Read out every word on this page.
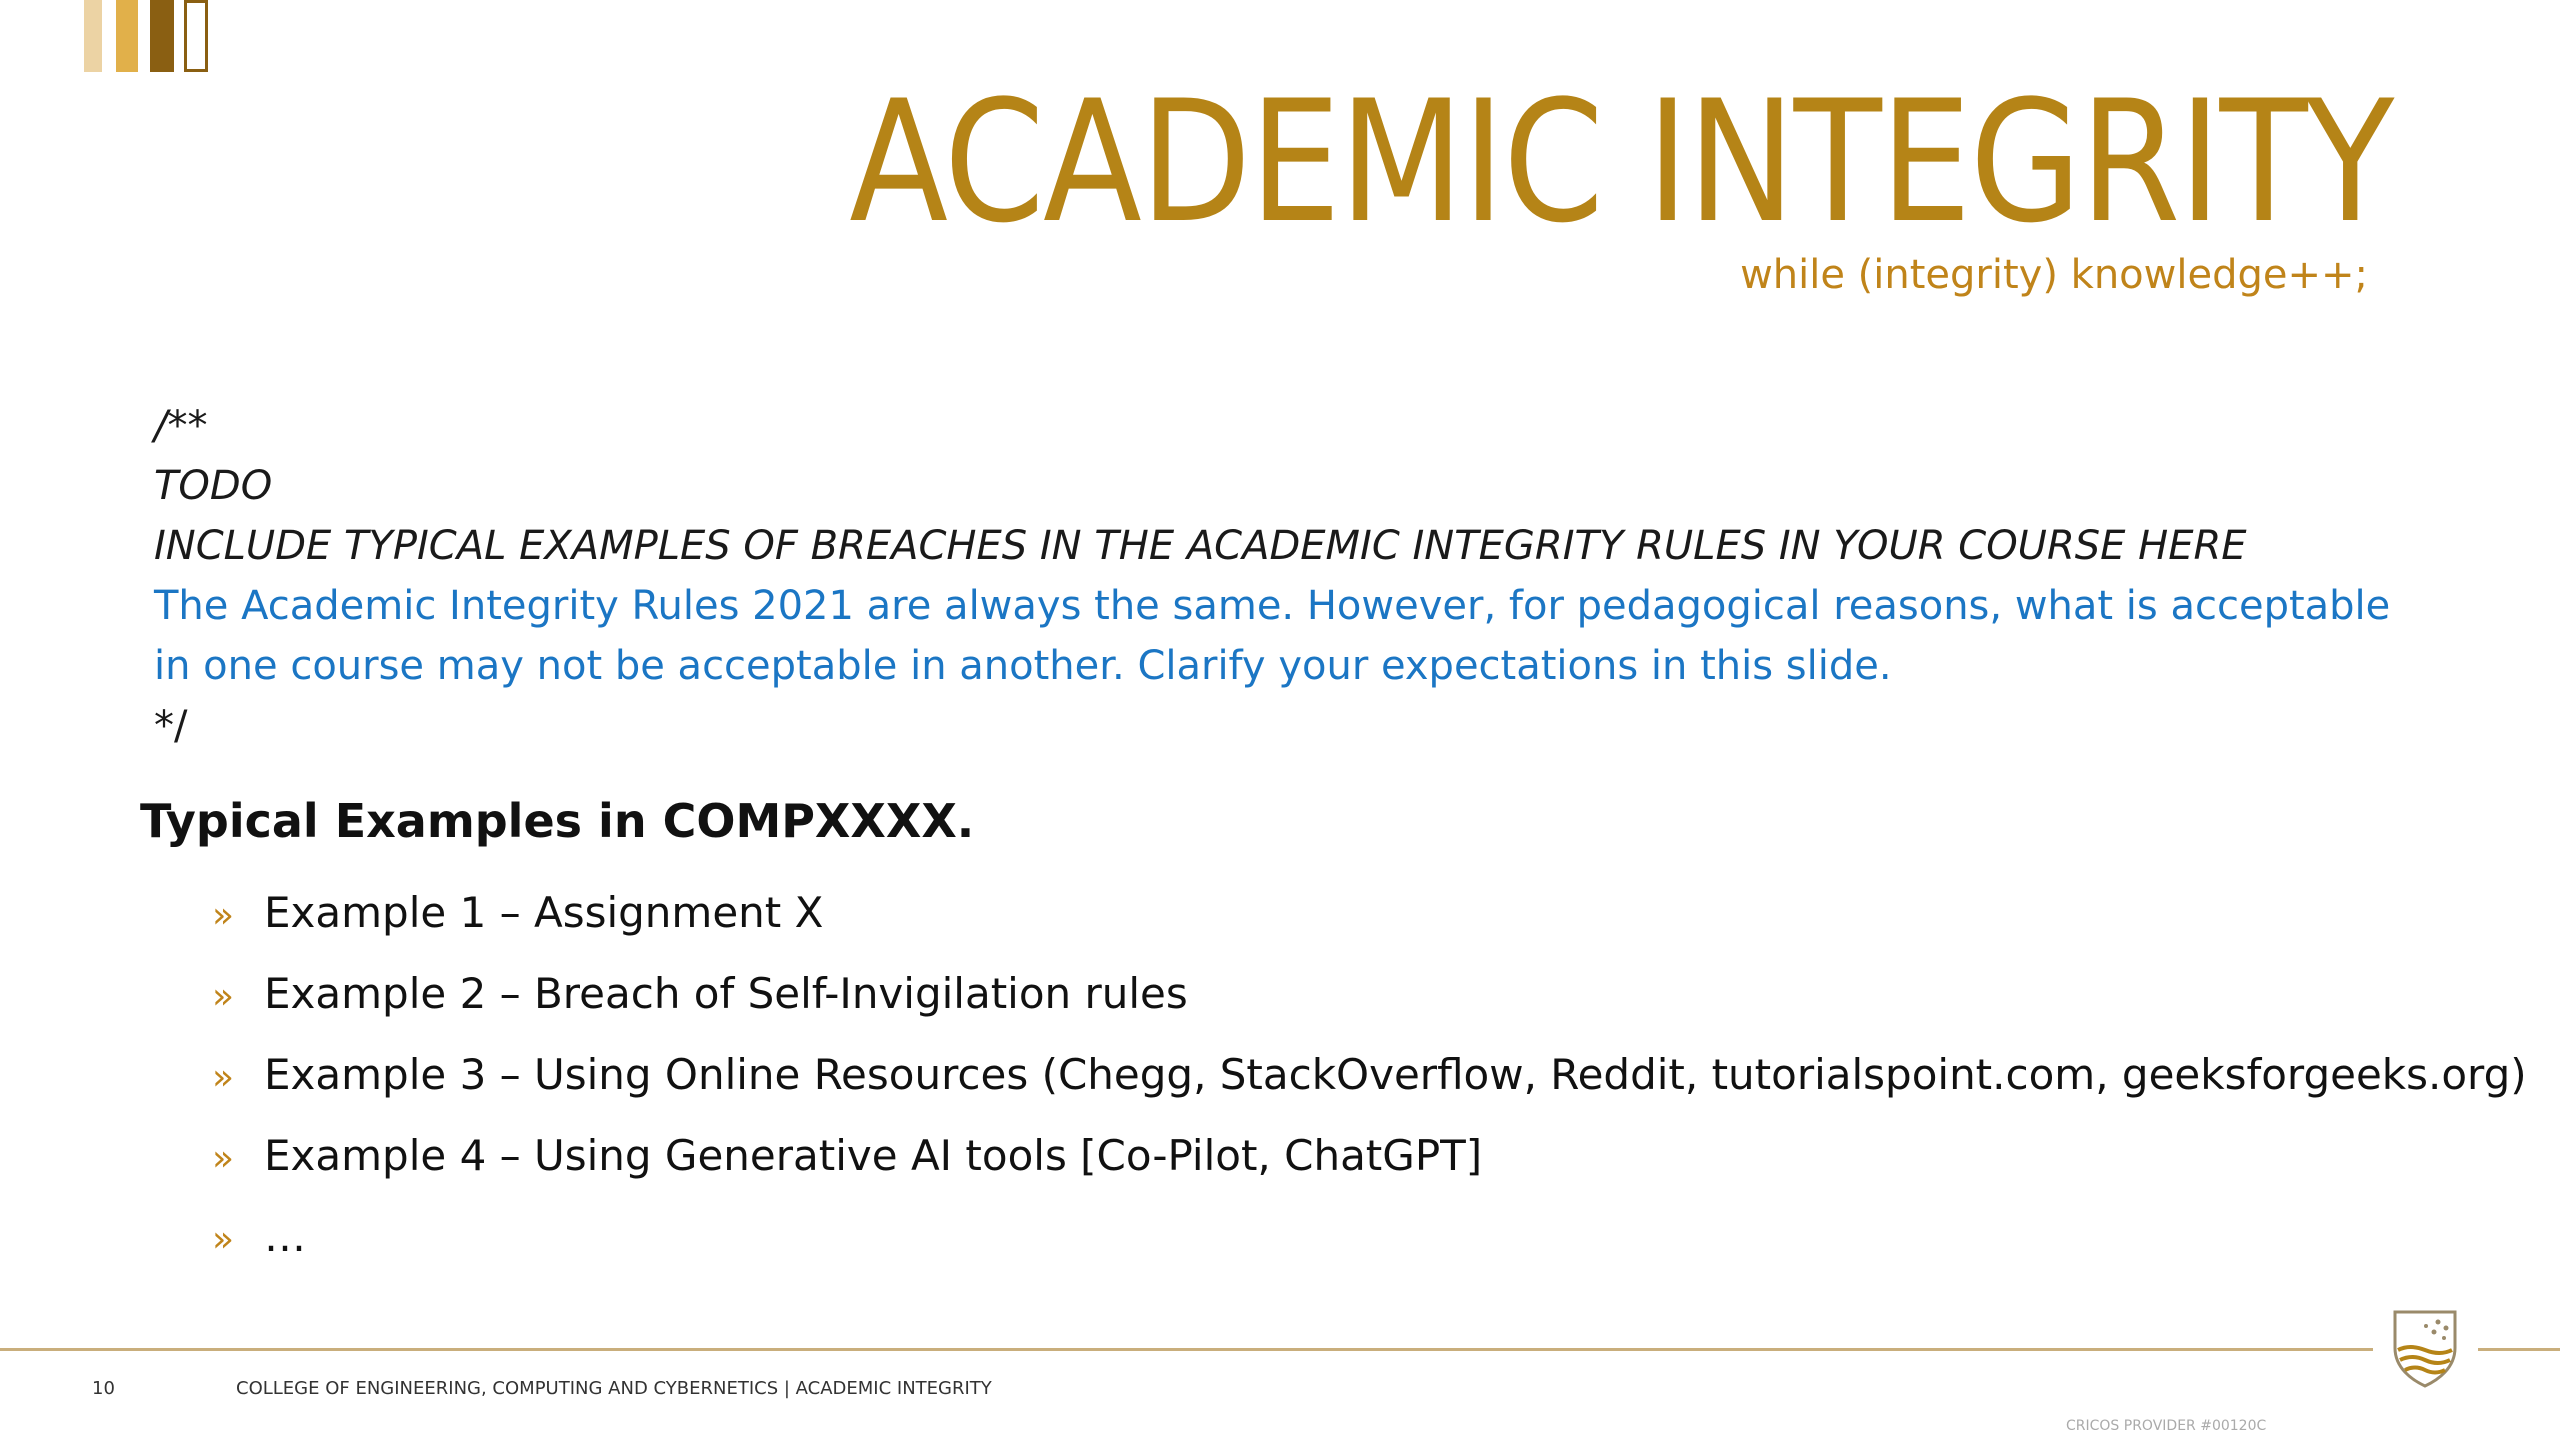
ACADEMIC INTEGRITY
while (integrity) knowledge++;
/**
TODO
INCLUDE TYPICAL EXAMPLES OF BREACHES IN THE ACADEMIC INTEGRITY RULES IN YOUR COURSE HERE
The Academic Integrity Rules 2021 are always the same. However, for pedagogical reasons, what is acceptable
in one course may not be acceptable in another. Clarify your expectations in this slide.
*/
Typical Examples in COMPXXXX.
» Example 1 – Assignment X
» Example 2 – Breach of Self-Invigilation rules
» Example 3 – Using Online Resources (Chegg, StackOverflow, Reddit, tutorialspoint.com, geeksforgeeks.org)
» Example 4 – Using Generative AI tools [Co-Pilot, ChatGPT]
» …
10	COLLEGE OF ENGINEERING, COMPUTING AND CYBERNETICS | ACADEMIC INTEGRITY
CRICOS PROVIDER #00120C
